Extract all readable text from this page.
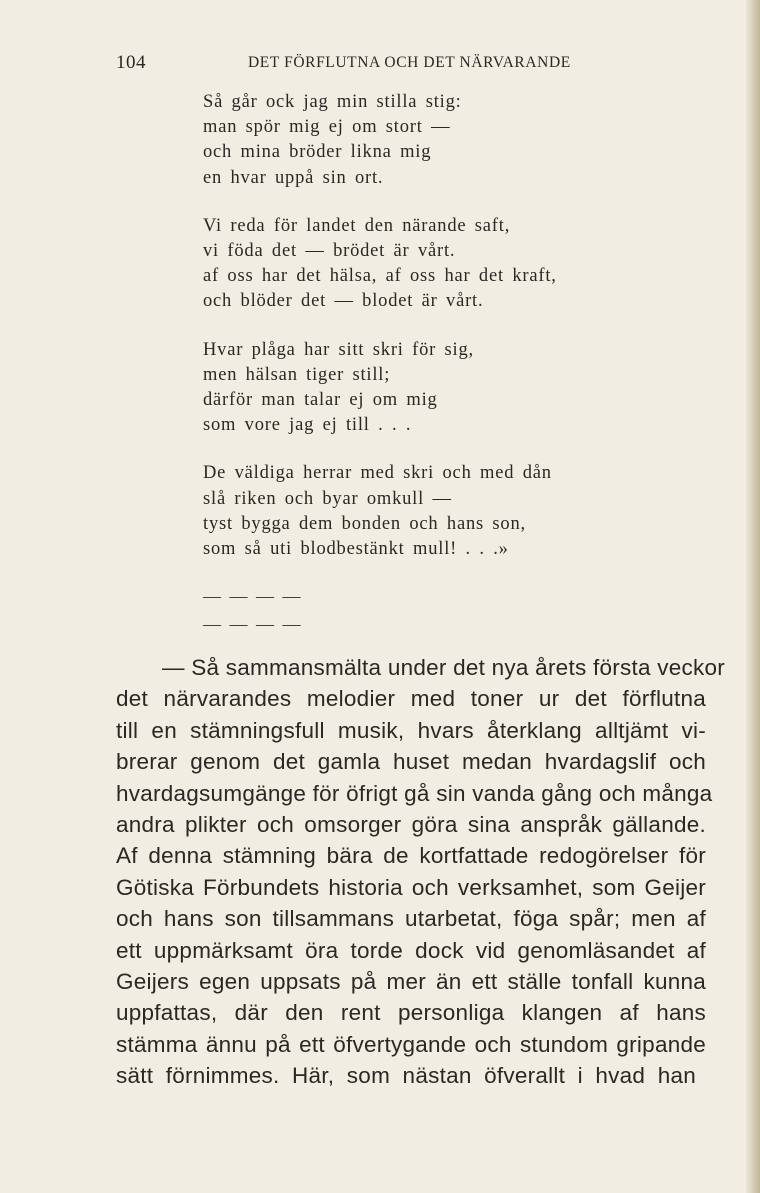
104	DET FÖRFLUTNA OCH DET NÄRVARANDE
Så går ock jag min stilla stig:
man spör mig ej om stort —
och mina bröder likna mig
en hvar uppå sin ort.
Vi reda för landet den närande saft,
vi föda det — brödet är vårt.
af oss har det hälsa, af oss har det kraft,
och blöder det — blodet är vårt.
Hvar plåga har sitt skri för sig,
men hälsan tiger still;
därför man talar ej om mig
som vore jag ej till . . .
De väldiga herrar med skri och med dån
slå riken och byar omkull —
tyst bygga dem bonden och hans son,
som så uti blodbestänkt mull! . . .»
— — — —
— — — —
— Så sammansmälta under det nya årets första veckor
det närvarandes melodier med toner ur det förflutna
till en stämningsfull musik, hvars återklang alltjämt vi-
brerar genom det gamla huset medan hvardagslif och
hvardagsumgänge för öfrigt gå sin vanda gång och många
andra plikter och omsorger göra sina anspråk gällande.
Af denna stämning bära de kortfattade redogörelser för
Götiska Förbundets historia och verksamhet, som Geijer
och hans son tillsammans utarbetat, föga spår; men af
ett uppmärksamt öra torde dock vid genomläsandet af
Geijers egen uppsats på mer än ett ställe tonfall kunna
uppfattas, där den rent personliga klangen af hans
stämma ännu på ett öfvertygande och stundom gripande
sätt förnimmes. Här, som nästan öfverallt i hvad han
